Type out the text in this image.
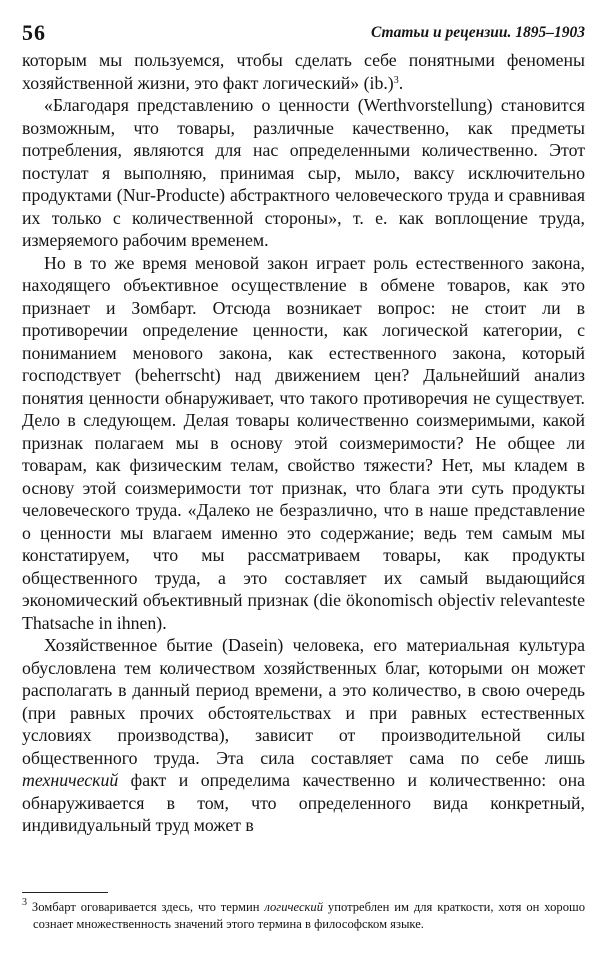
56	Статьи и рецензии. 1895–1903

которым мы пользуемся, чтобы сделать себе понятными феномены хозяйственной жизни, это факт логический» $(ib.)^3$.

«Благодаря представлению о ценности (Werthvorstellung) становится возможным, что товары, различные качественно, как предметы потребления, являются для нас определенными количественно. Этот постулат я выполняю, принимая сыр, мыло, ваксу исключительно продуктами (Nur-Producte) абстрактного человеческого труда и сравнивая их только с количественной стороны», т. е. как воплощение труда, измеряемого рабочим временем.

Но в то же время меновой закон играет роль естественного закона, находящего объективное осуществление в обмене товаров, как это признает и Зомбарт. Отсюда возникает вопрос: не стоит ли в противоречии определение ценности, как логической категории, с пониманием менового закона, как естественного закона, который господствует (beherrscht) над движением цен? Дальнейший анализ понятия ценности обнаруживает, что такого противоречия не существует. Дело в следующем. Делая товары количественно соизмеримыми, какой признак полагаем мы в основу этой соизмеримости? Не общее ли товарам, как физическим телам, свойство тяжести? Нет, мы кладем в основу этой соизмеримости тот признак, что блага эти суть продукты человеческого труда. «Далеко не безразлично, что в наше представление о ценности мы влагаем именно это содержание; ведь тем самым мы констатируем, что мы рассматриваем товары, как продукты общественного труда, а это составляет их самый выдающийся экономический объективный признак (die ökonomisch objectiv relevanteste Thatsache in ihnen).

Хозяйственное бытие (Dasein) человека, его материальная культура обусловлена тем количеством хозяйственных благ, которыми он может располагать в данный период времени, а это количество, в свою очередь (при равных прочих обстоятельствах и при равных естественных условиях производства), зависит от производительной силы общественного труда. Эта сила составляет сама по себе лишь технический факт и определима качественно и количественно: она обнаруживается в том, что определенного вида конкретный, индивидуальный труд может в

$^3$ Зомбарт оговаривается здесь, что термин логический употреблен им для краткости, хотя он хорошо сознает множественность значений этого термина в философском языке.
